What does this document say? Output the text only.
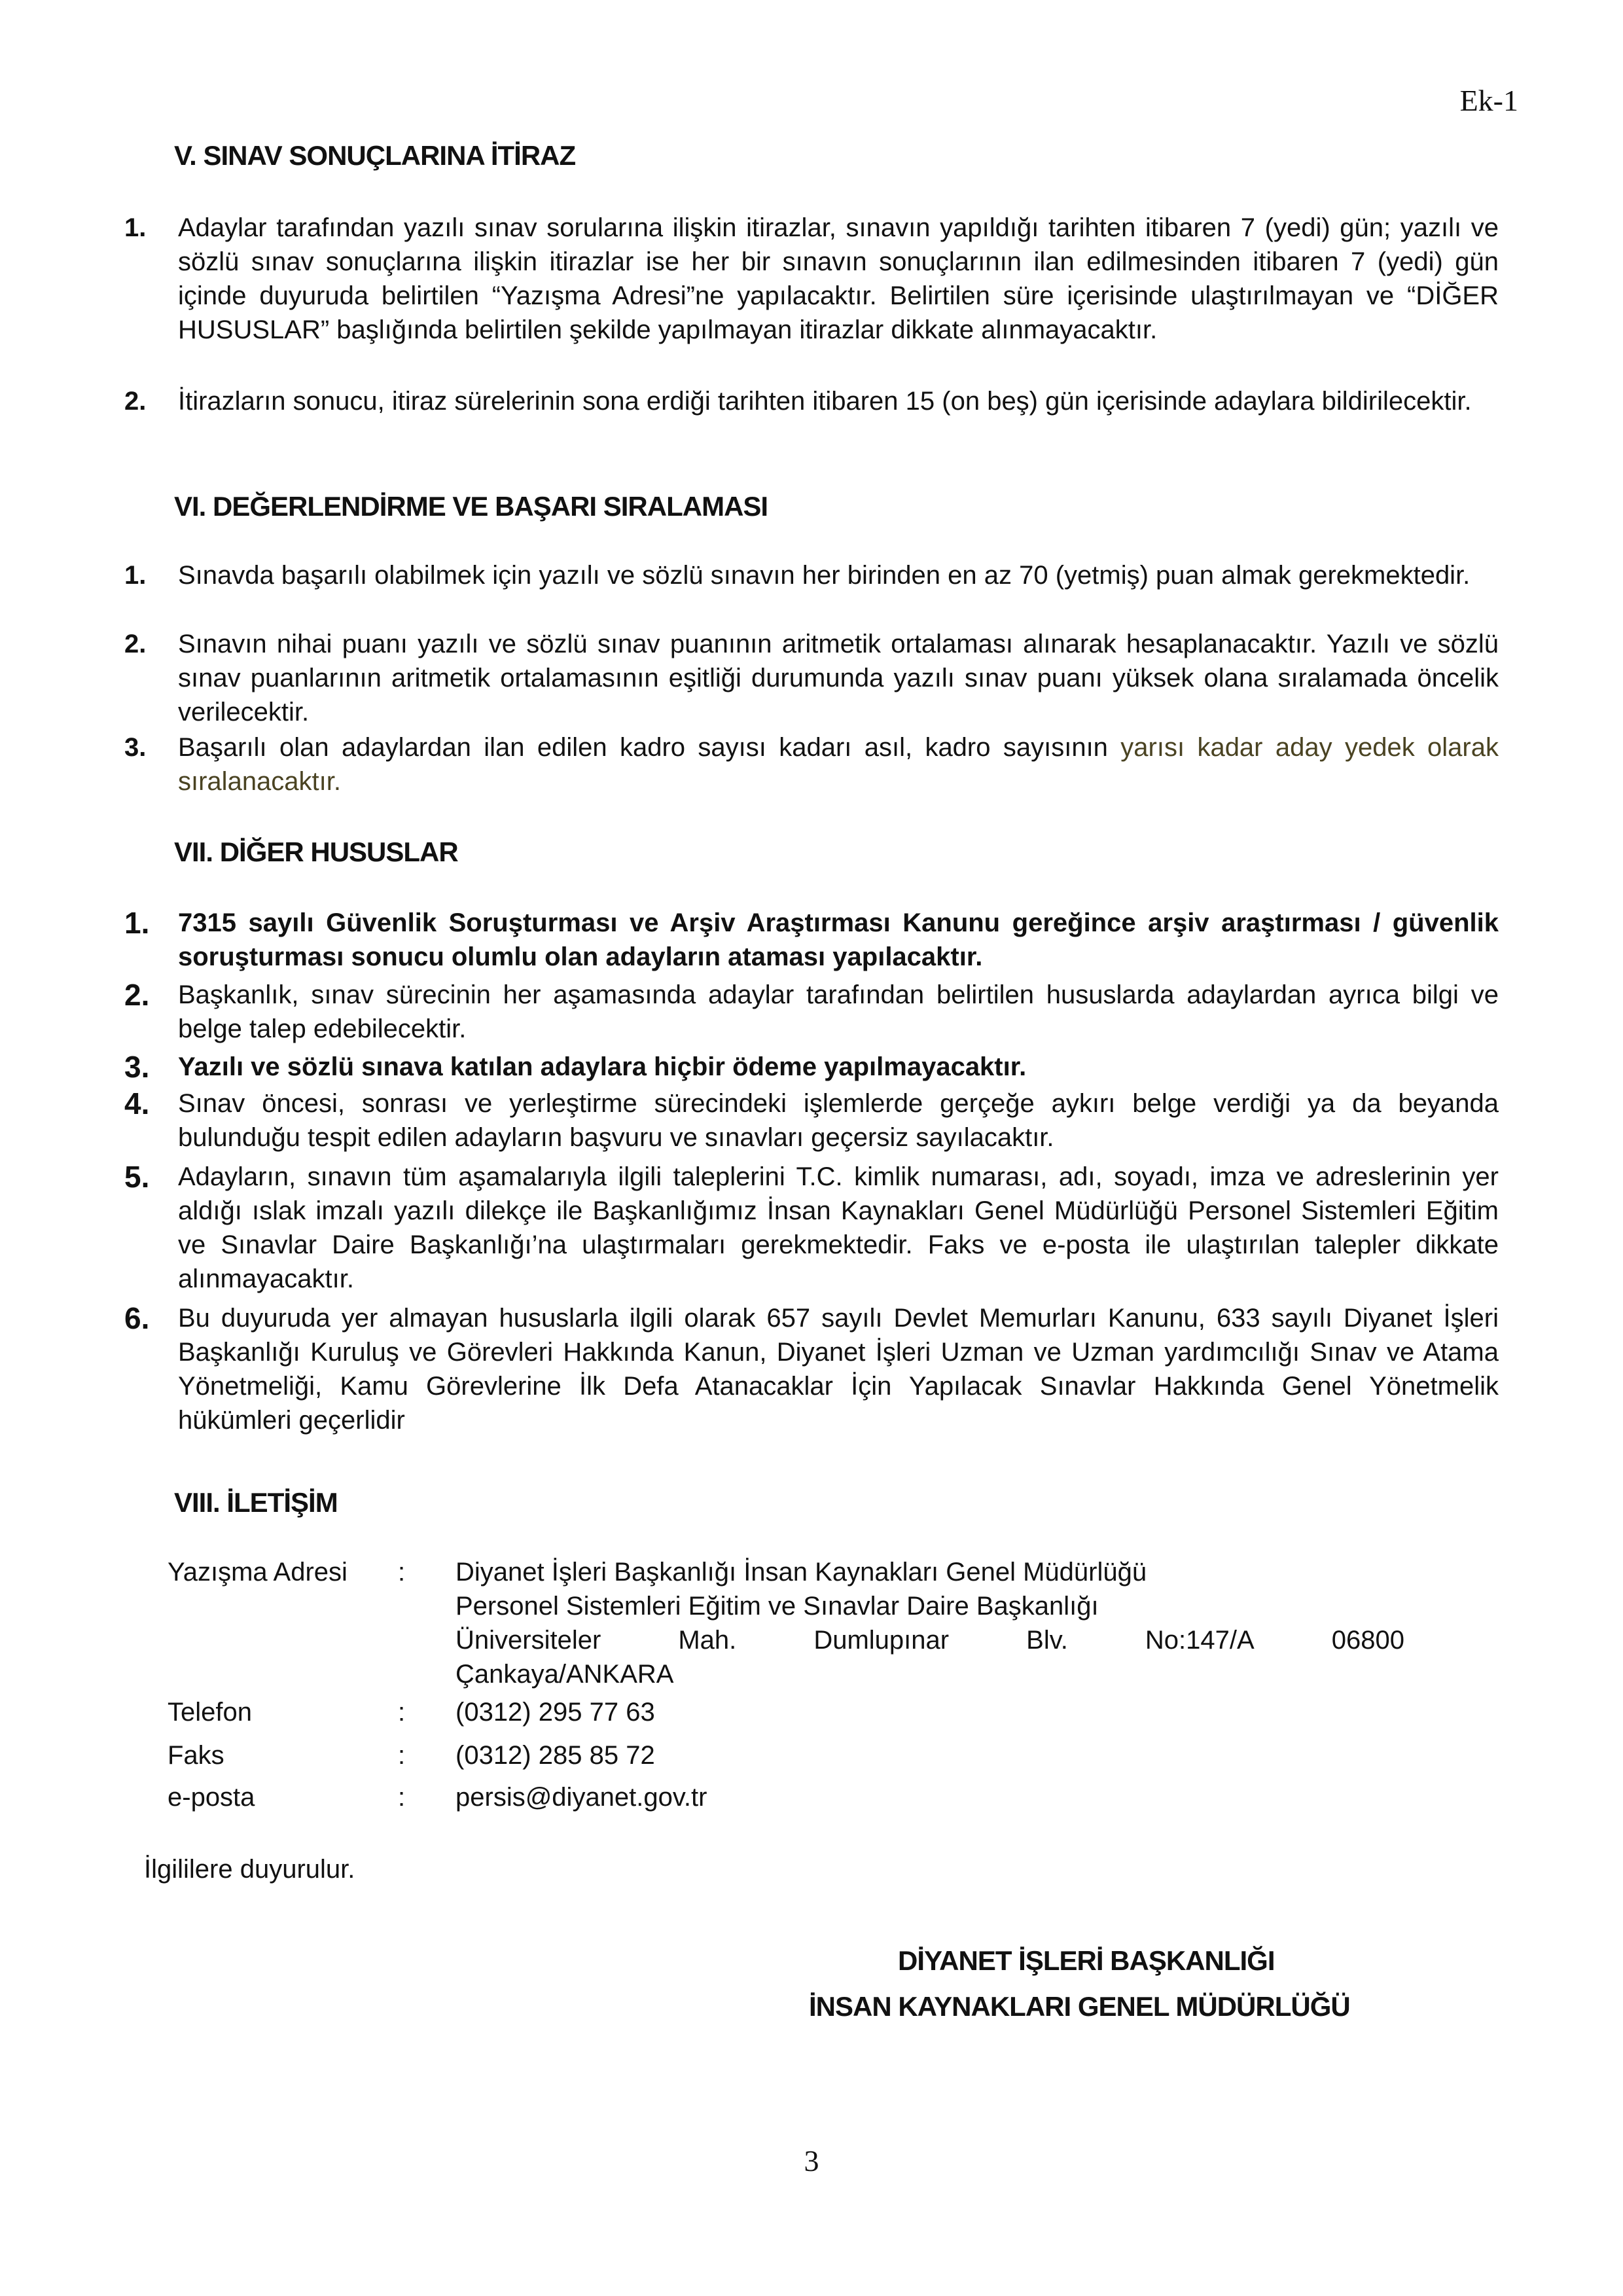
Ek-1
V. SINAV SONUÇLARINA İTİRAZ
1. Adaylar tarafından yazılı sınav sorularına ilişkin itirazlar, sınavın yapıldığı tarihten itibaren 7 (yedi) gün; yazılı ve sözlü sınav sonuçlarına ilişkin itirazlar ise her bir sınavın sonuçlarının ilan edilmesinden itibaren 7 (yedi) gün içinde duyuruda belirtilen “Yazışma Adresi”ne yapılacaktır. Belirtilen süre içerisinde ulaştırılmayan ve “DİĞER HUSUSLAR” başlığında belirtilen şekilde yapılmayan itirazlar dikkate alınmayacaktır.
2. İtirazların sonucu, itiraz sürelerinin sona erdiği tarihten itibaren 15 (on beş) gün içerisinde adaylara bildirilecektir.
VI. DEĞERLENDİRME VE BAŞARI SIRALAMASI
1. Sınavda başarılı olabilmek için yazılı ve sözlü sınavın her birinden en az 70 (yetmiş) puan almak gerekmektedir.
2. Sınavın nihai puanı yazılı ve sözlü sınav puanının aritmetik ortalaması alınarak hesaplanacaktır. Yazılı ve sözlü sınav puanlarının aritmetik ortalamasının eşitliği durumunda yazılı sınav puanı yüksek olana sıralamada öncelik verilecektir.
3. Başarılı olan adaylardan ilan edilen kadro sayısı kadarı asıl, kadro sayısının yarısı kadar aday yedek olarak sıralanacaktır.
VII. DİĞER HUSUSLAR
1. 7315 sayılı Güvenlik Soruşturması ve Arşiv Araştırması Kanunu gereğince arşiv araştırması / güvenlik soruşturması sonucu olumlu olan adayların ataması yapılacaktır.
2. Başkanlık, sınav sürecinin her aşamasında adaylar tarafından belirtilen hususlarda adaylardan ayrıca bilgi ve belge talep edebilecektir.
3. Yazılı ve sözlü sınava katılan adaylara hiçbir ödeme yapılmayacaktır.
4. Sınav öncesi, sonrası ve yerleştirme sürecindeki işlemlerde gerçeğe aykırı belge verdiği ya da beyanda bulunduğu tespit edilen adayların başvuru ve sınavları geçersiz sayılacaktır.
5. Adayların, sınavın tüm aşamalarıyla ilgili taleplerini T.C. kimlik numarası, adı, soyadı, imza ve adreslerinin yer aldığı ıslak imzalı yazılı dilekçe ile Başkanlığımız İnsan Kaynakları Genel Müdürlüğü Personel Sistemleri Eğitim ve Sınavlar Daire Başkanlığı’na ulaştırmaları gerekmektedir. Faks ve e-posta ile ulaştırılan talepler dikkate alınmayacaktır.
6. Bu duyuruda yer almayan hususlarla ilgili olarak 657 sayılı Devlet Memurları Kanunu, 633 sayılı Diyanet İşleri Başkanlığı Kuruluş ve Görevleri Hakkında Kanun, Diyanet İşleri Uzman ve Uzman yardımcılığı Sınav ve Atama Yönetmeliği, Kamu Görevlerine İlk Defa Atanacaklar İçin Yapılacak Sınavlar Hakkında Genel Yönetmelik hükümleri geçerlidir
VIII. İLETİŞİM
Yazışma Adresi : Diyanet İşleri Başkanlığı İnsan Kaynakları Genel Müdürlüğü
Personel Sistemleri Eğitim ve Sınavlar Daire Başkanlığı
Üniversiteler	Mah.	Dumlupınar	Blv.	No:147/A	06800
Çankaya/ANKARA
Telefon	: (0312) 295 77 63
Faks	: (0312) 285 85 72
e-posta	: persis@diyanet.gov.tr
İlgililere duyurulur.
DİYANET İŞLERİ BAŞKANLIĞI
İNSAN KAYNAKLARI GENEL MÜDÜRLÜĞÜ
3
